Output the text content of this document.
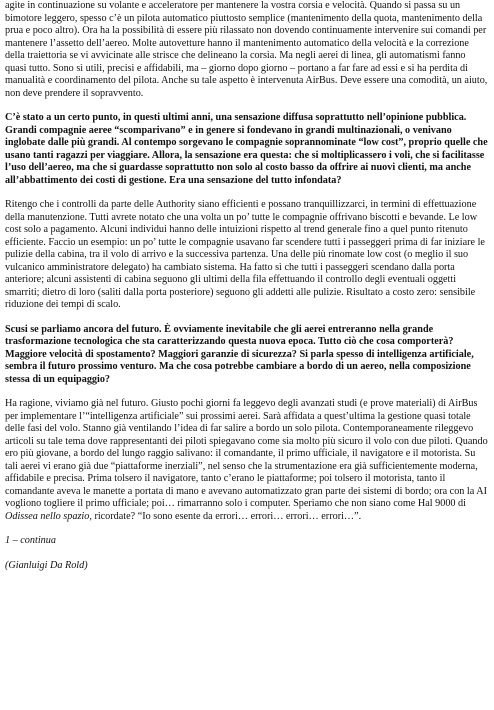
agite in continuazione su volante e acceleratore per mantenere la vostra corsia e velocità. Quando si passa su un bimotore leggero, spesso c’è un pilota automatico piuttosto semplice (mantenimento della quota, mantenimento della prua e poco altro). Ora ha la possibilità di essere più rilassato non dovendo continuamente intervenire sui comandi per mantenere l’assetto dell’aereo. Molte autovetture hanno il mantenimento automatico della velocità e la correzione della traiettoria se vi avvicinate alle strisce che delineano la corsia. Ma negli aerei di linea, gli automatismi fanno quasi tutto. Sono sì utili, precisi e affidabili, ma – giorno dopo giorno – portano a far fare ad essi e si ha perdita di manualità e coordinamento del pilota. Anche su tale aspetto è intervenuta AirBus. Deve essere una comodità, un aiuto, non deve prendere il sopravvento.

C’è stato a un certo punto, in questi ultimi anni, una sensazione diffusa soprattutto nell’opinione pubblica. Grandi compagnie aeree “scomparivano” e in genere si fondevano in grandi multinazionali, o venivano inglobate dalle più grandi. Al contempo sorgevano le compagnie soprannominate “low cost”, proprio quelle che usano tanti ragazzi per viaggiare. Allora, la sensazione era questa: che si moltiplicassero i voli, che si facilitasse l’uso dell’aereo, ma che si guardasse soprattutto non solo al costo basso da offrire ai nuovi clienti, ma anche all’abbattimento dei costi di gestione. Era una sensazione del tutto infondata?

Ritengo che i controlli da parte delle Authority siano efficienti e possano tranquillizzarci, in termini di effettuazione della manutenzione. Tutti avrete notato che una volta un po’ tutte le compagnie offrivano biscotti e bevande. Le low cost solo a pagamento. Alcuni individui hanno delle intuizioni rispetto al trend generale fino a quel punto ritenuto efficiente. Faccio un esempio: un po’ tutte le compagnie usavano far scendere tutti i passeggeri prima di far iniziare le pulizie della cabina, tra il volo di arrivo e la successiva partenza. Una delle più rinomate low cost (o meglio il suo vulcanico amministratore delegato) ha cambiato sistema. Ha fatto sì che tutti i passeggeri scendano dalla porta anteriore; alcuni assistenti di cabina seguono gli ultimi della fila effettuando il controllo degli eventuali oggetti smarriti; dietro di loro (saliti dalla porta posteriore) seguono gli addetti alle pulizie. Risultato a costo zero: sensibile riduzione dei tempi di scalo.

Scusi se parliamo ancora del futuro. È ovviamente inevitabile che gli aerei entreranno nella grande trasformazione tecnologica che sta caratterizzando questa nuova epoca. Tutto ciò che cosa comporterà? Maggiore velocità di spostamento? Maggiori garanzie di sicurezza? Si parla spesso di intelligenza artificiale, sembra il futuro prossimo venturo. Ma che cosa potrebbe cambiare a bordo di un aereo, nella composizione stessa di un equipaggio?

Ha ragione, viviamo già nel futuro. Giusto pochi giorni fa leggevo degli avanzati studi (e prove materiali) di AirBus per implementare l’“intelligenza artificiale” sui prossimi aerei. Sarà affidata a quest’ultima la gestione quasi totale delle fasi del volo. Stanno già ventilando l’idea di far salire a bordo un solo pilota. Contemporaneamente rileggevo articoli su tale tema dove rappresentanti dei piloti spiegavano come sia molto più sicuro il volo con due piloti. Quando ero più giovane, a bordo del lungo raggio salivano: il comandante, il primo ufficiale, il navigatore e il motorista. Su tali aerei vi erano già due “piattaforme inerziali”, nel senso che la strumentazione era già sufficientemente moderna, affidabile e precisa. Prima tolsero il navigatore, tanto c’erano le piattaforme; poi tolsero il motorista, tanto il comandante aveva le manette a portata di mano e avevano automatizzato gran parte dei sistemi di bordo; ora con la AI vogliono togliere il primo ufficiale; poi… rimarranno solo i computer. Speriamo che non siano come Hal 9000 di Odissea nello spazio, ricordate? “Io sono esente da errori… errori… errori… errori…”.

1 – continua

(Gianluigi Da Rold)
